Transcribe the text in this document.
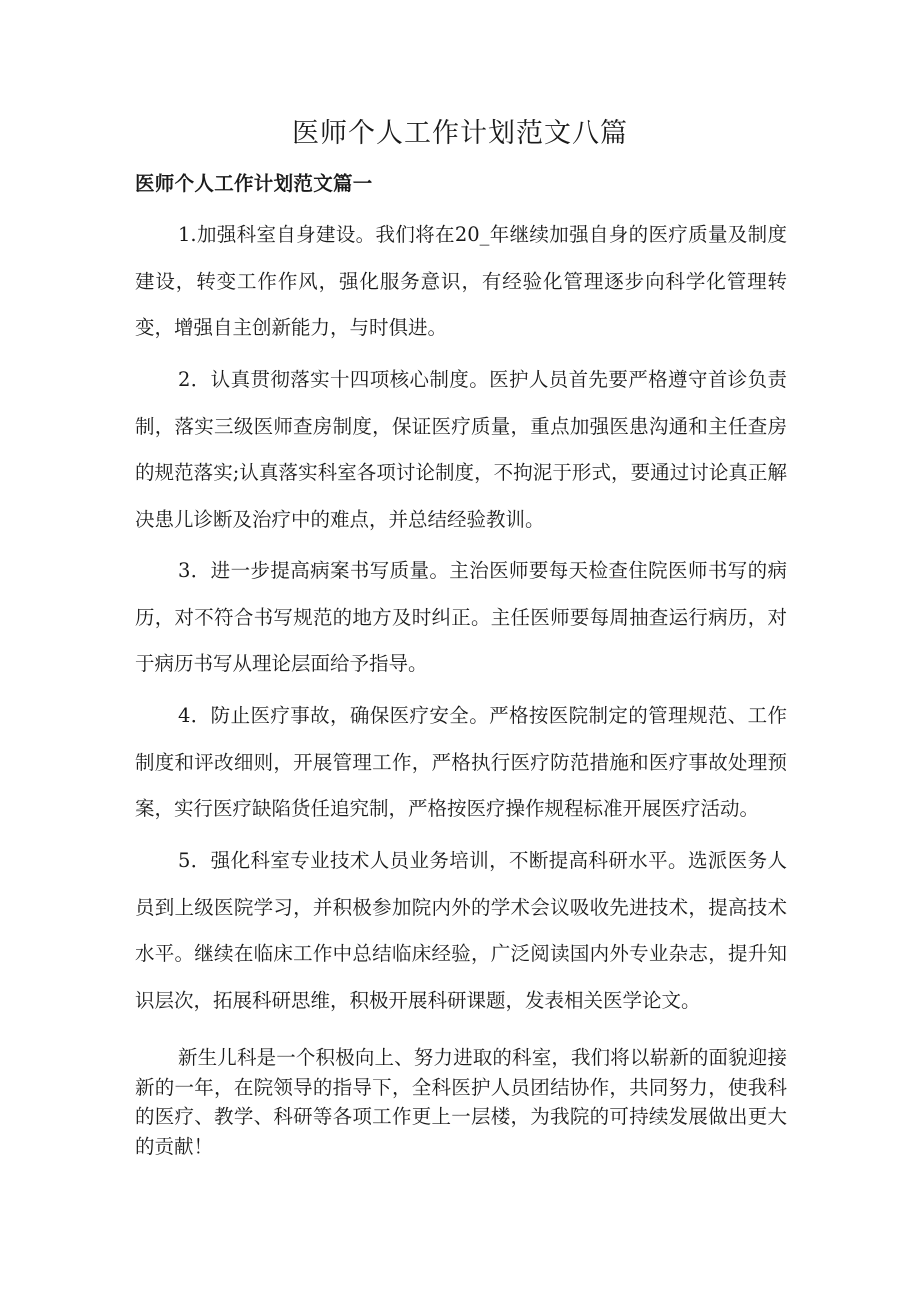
医师个人工作计划范文八篇
医师个人工作计划范文篇一

1.加强科室自身建设。我们将在20_年继续加强自身的医疗质量及制度建设，转变工作作风，强化服务意识，有经验化管理逐步向科学化管理转变，增强自主创新能力，与时俱进。

2．认真贯彻落实十四项核心制度。医护人员首先要严格遵守首诊负责制，落实三级医师查房制度，保证医疗质量，重点加强医患沟通和主任查房的规范落实;认真落实科室各项讨论制度，不拘泥于形式，要通过讨论真正解决患儿诊断及治疗中的难点，并总结经验教训。

3．进一步提高病案书写质量。主治医师要每天检查住院医师书写的病历，对不符合书写规范的地方及时纠正。主任医师要每周抽查运行病历，对于病历书写从理论层面给予指导。

4．防止医疗事故，确保医疗安全。严格按医院制定的管理规范、工作制度和评改细则，开展管理工作，严格执行医疗防范措施和医疗事故处理预案，实行医疗缺陷货任追究制，严格按医疗操作规程标准开展医疗活动。

5．强化科室专业技术人员业务培训，不断提高科研水平。选派医务人员到上级医院学习，并积极参加院内外的学术会议吸收先进技术，提高技术水平。继续在临床工作中总结临床经验，广泛阅读国内外专业杂志，提升知识层次，拓展科研思维，积极开展科研课题，发表相关医学论文。

新生儿科是一个积极向上、努力进取的科室，我们将以崭新的面貌迎接新的一年，在院领导的指导下，全科医护人员团结协作，共同努力，使我科的医疗、教学、科研等各项工作更上一层楼，为我院的可持续发展做出更大的贡献！
